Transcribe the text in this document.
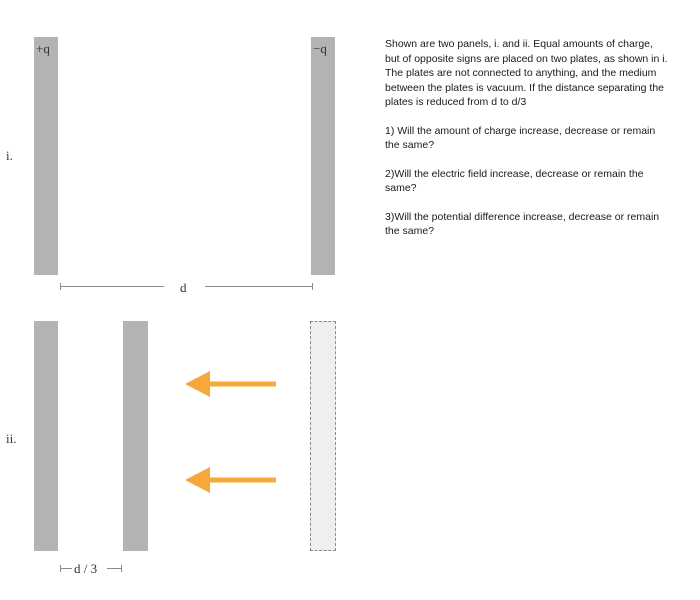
+q	−q
i.
d
ii.
d / 3

Shown are two panels, i. and ii. Equal amounts of charge, but of opposite signs are placed on two plates, as shown in i. The plates are not connected to anything, and the medium between the plates is vacuum. If the distance separating the plates is reduced from d to d/3

1) Will the amount of charge increase, decrease or remain the same?

2)Will the electric field increase, decrease or remain the same?

3)Will the potential difference increase, decrease or remain the same?
